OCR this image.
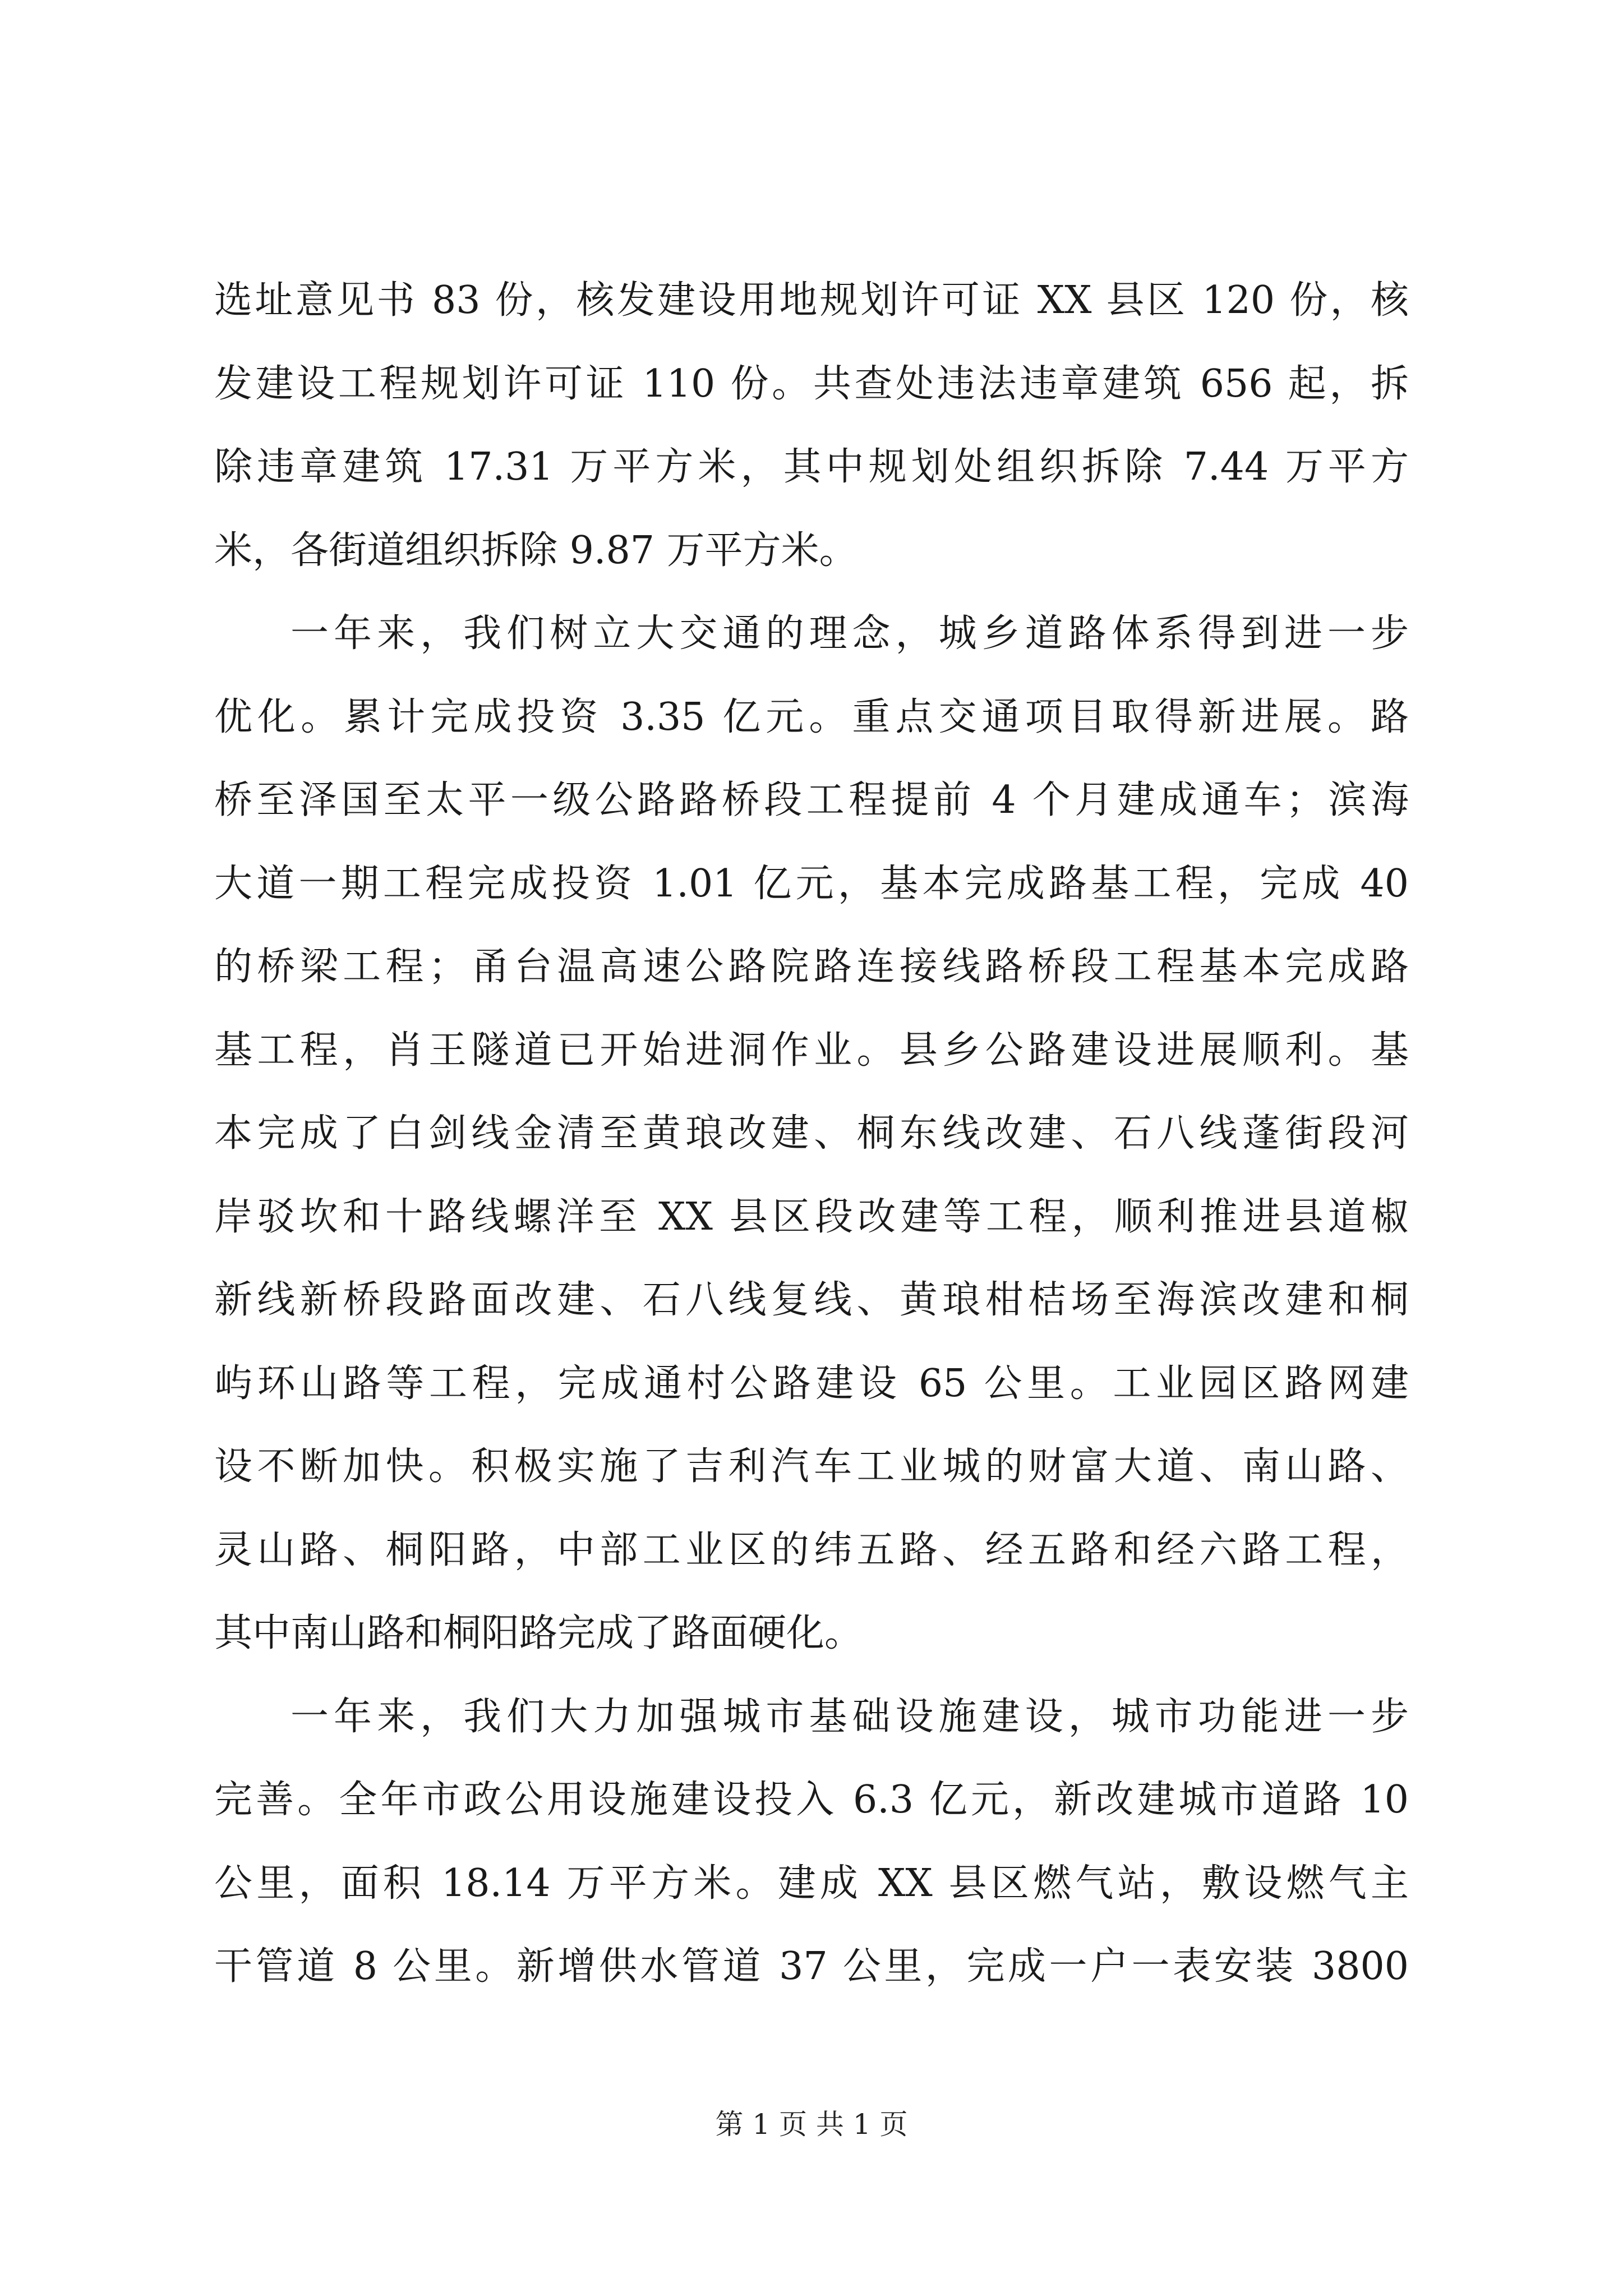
选址意见书 83 份，核发建设用地规划许可证 XX 县区 120 份，核
发建设工程规划许可证 110 份。共查处违法违章建筑 656 起，拆
除违章建筑 17.31 万平方米，其中规划处组织拆除 7.44 万平方
米，各街道组织拆除 9.87 万平方米。
一年来，我们树立大交通的理念，城乡道路体系得到进一步
优化。累计完成投资 3.35 亿元。重点交通项目取得新进展。路
桥至泽国至太平一级公路路桥段工程提前 4 个月建成通车；滨海
大道一期工程完成投资 1.01 亿元，基本完成路基工程，完成 40
的桥梁工程；甬台温高速公路院路连接线路桥段工程基本完成路
基工程，肖王隧道已开始进洞作业。县乡公路建设进展顺利。基
本完成了白剑线金清至黄琅改建、桐东线改建、石八线蓬街段河
岸驳坎和十路线螺洋至 XX 县区段改建等工程，顺利推进县道椒
新线新桥段路面改建、石八线复线、黄琅柑桔场至海滨改建和桐
屿环山路等工程，完成通村公路建设 65 公里。工业园区路网建
设不断加快。积极实施了吉利汽车工业城的财富大道、南山路、
灵山路、桐阳路，中部工业区的纬五路、经五路和经六路工程，
其中南山路和桐阳路完成了路面硬化。
一年来，我们大力加强城市基础设施建设，城市功能进一步
完善。全年市政公用设施建设投入 6.3 亿元，新改建城市道路 10
公里，面积 18.14 万平方米。建成 XX 县区燃气站，敷设燃气主
干管道 8 公里。新增供水管道 37 公里，完成一户一表安装 3800
第 1 页 共 1 页
